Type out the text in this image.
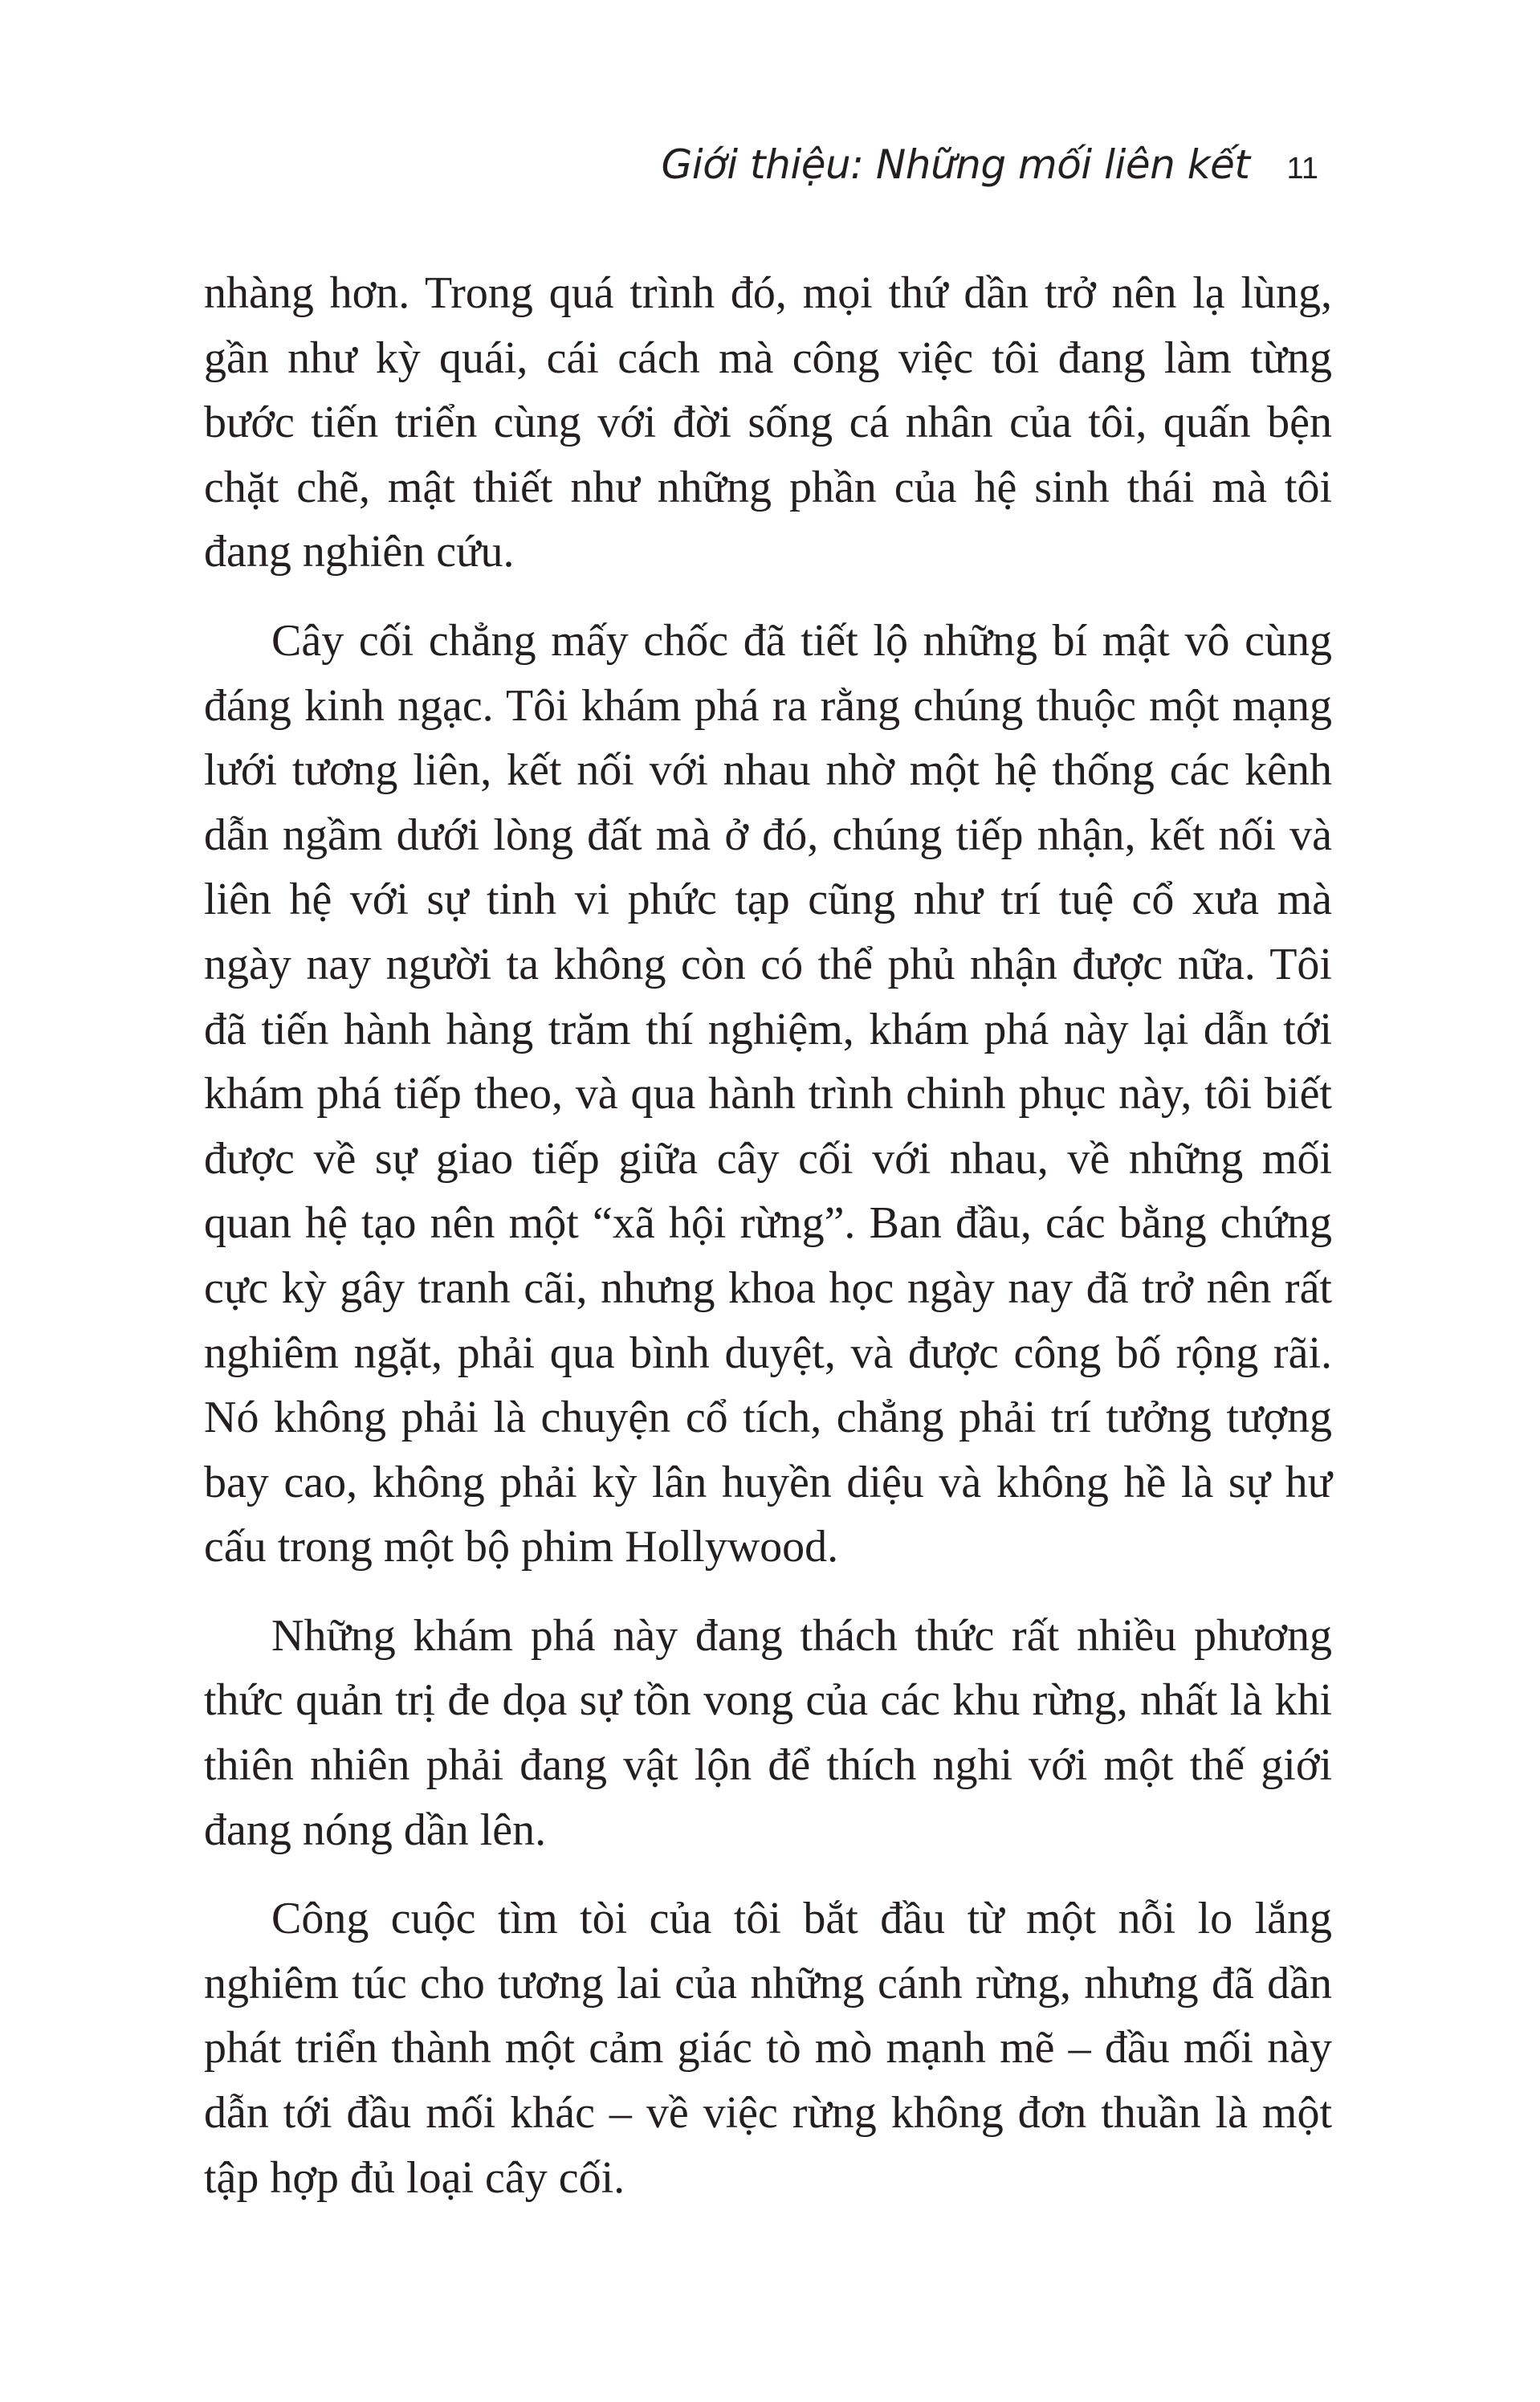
Giới thiệu: Những mối liên kết 11

nhàng hơn. Trong quá trình đó, mọi thứ dần trở nên lạ lùng, gần như kỳ quái, cái cách mà công việc tôi đang làm từng bước tiến triển cùng với đời sống cá nhân của tôi, quấn bện chặt chẽ, mật thiết như những phần của hệ sinh thái mà tôi đang nghiên cứu.

Cây cối chẳng mấy chốc đã tiết lộ những bí mật vô cùng đáng kinh ngạc. Tôi khám phá ra rằng chúng thuộc một mạng lưới tương liên, kết nối với nhau nhờ một hệ thống các kênh dẫn ngầm dưới lòng đất mà ở đó, chúng tiếp nhận, kết nối và liên hệ với sự tinh vi phức tạp cũng như trí tuệ cổ xưa mà ngày nay người ta không còn có thể phủ nhận được nữa. Tôi đã tiến hành hàng trăm thí nghiệm, khám phá này lại dẫn tới khám phá tiếp theo, và qua hành trình chinh phục này, tôi biết được về sự giao tiếp giữa cây cối với nhau, về những mối quan hệ tạo nên một “xã hội rừng”. Ban đầu, các bằng chứng cực kỳ gây tranh cãi, nhưng khoa học ngày nay đã trở nên rất nghiêm ngặt, phải qua bình duyệt, và được công bố rộng rãi. Nó không phải là chuyện cổ tích, chẳng phải trí tưởng tượng bay cao, không phải kỳ lân huyền diệu và không hề là sự hư cấu trong một bộ phim Hollywood.

Những khám phá này đang thách thức rất nhiều phương thức quản trị đe dọa sự tồn vong của các khu rừng, nhất là khi thiên nhiên phải đang vật lộn để thích nghi với một thế giới đang nóng dần lên.

Công cuộc tìm tòi của tôi bắt đầu từ một nỗi lo lắng nghiêm túc cho tương lai của những cánh rừng, nhưng đã dần phát triển thành một cảm giác tò mò mạnh mẽ – đầu mối này dẫn tới đầu mối khác – về việc rừng không đơn thuần là một tập hợp đủ loại cây cối.
